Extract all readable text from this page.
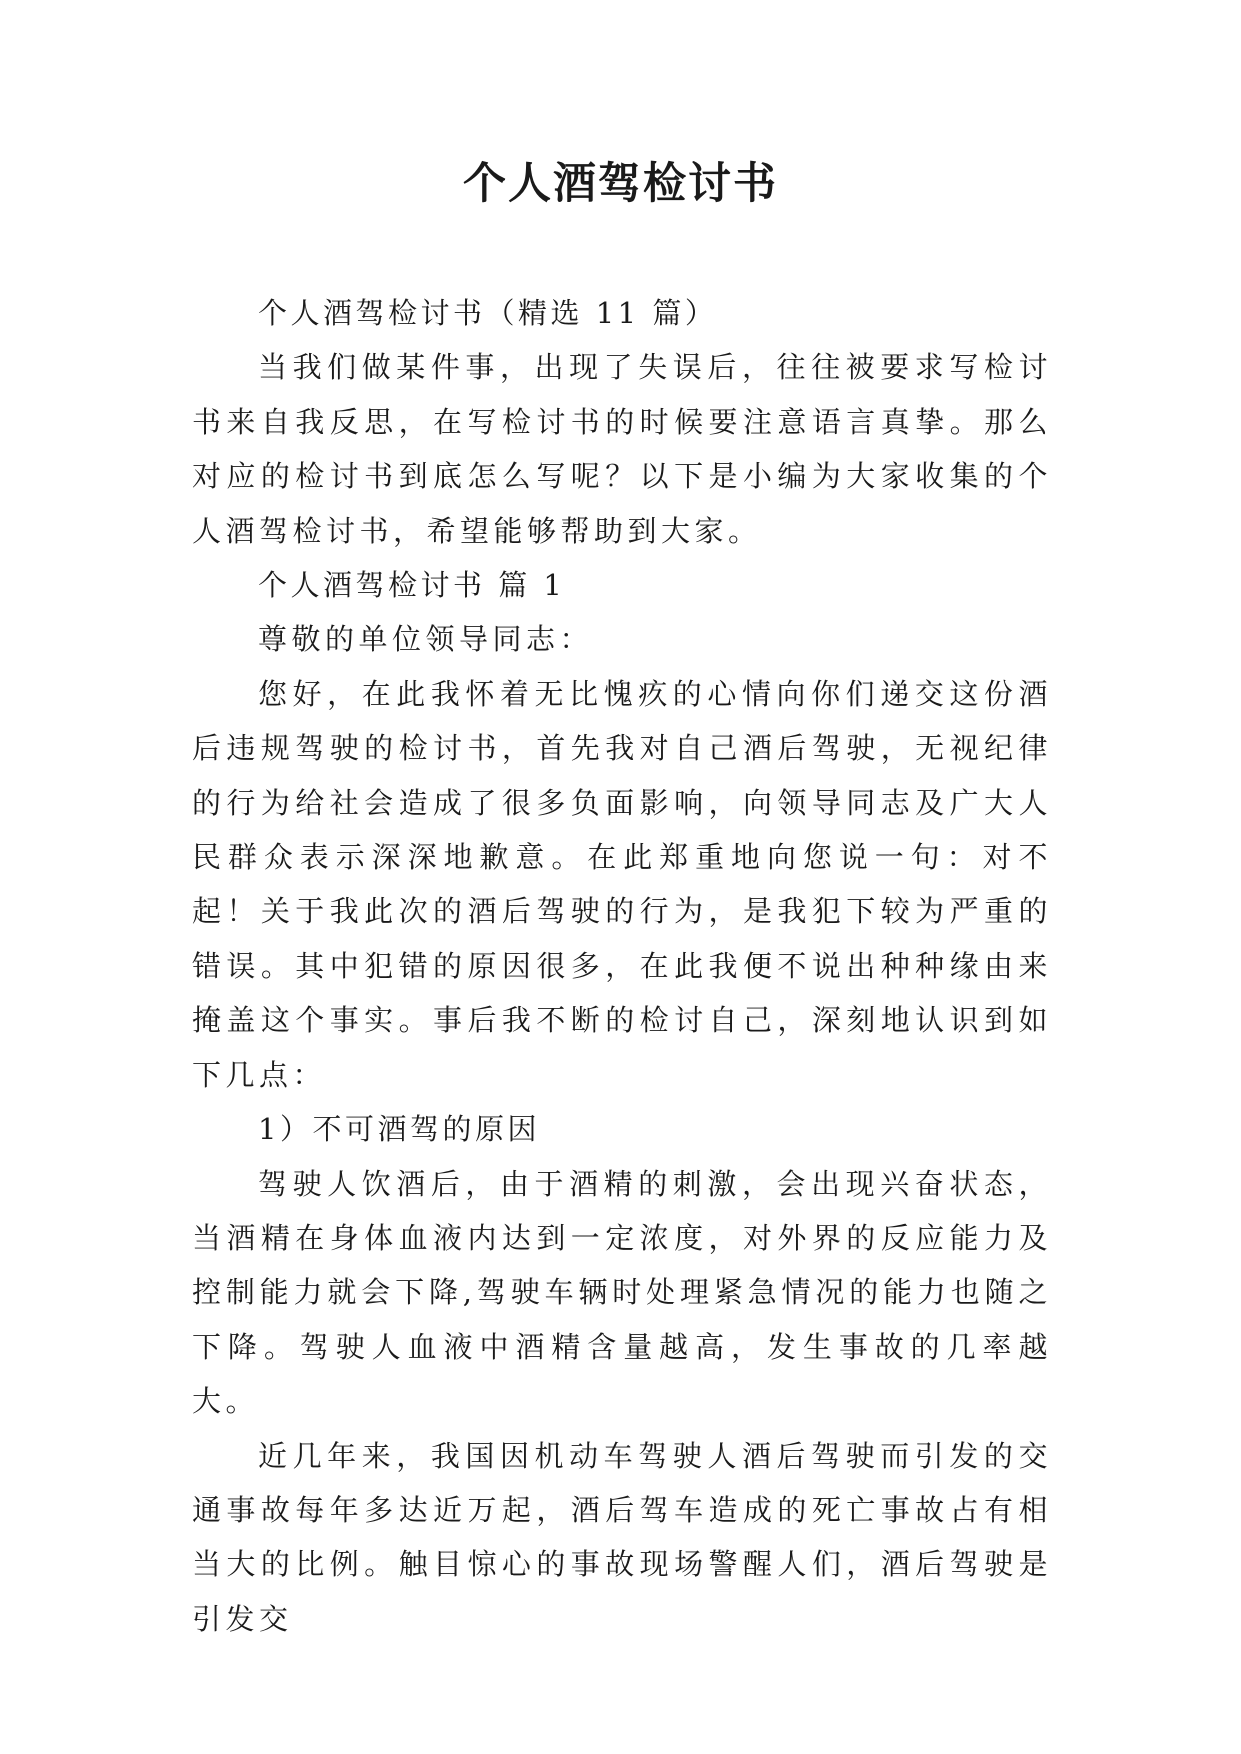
个人酒驾检讨书

个人酒驾检讨书（精选 11 篇）

当我们做某件事，出现了失误后，往往被要求写检讨书来自我反思，在写检讨书的时候要注意语言真挚。那么对应的检讨书到底怎么写呢？以下是小编为大家收集的个人酒驾检讨书，希望能够帮助到大家。

个人酒驾检讨书 篇 1

尊敬的单位领导同志：

您好，在此我怀着无比愧疚的心情向你们递交这份酒后违规驾驶的检讨书，首先我对自己酒后驾驶，无视纪律的行为给社会造成了很多负面影响，向领导同志及广大人民群众表示深深地歉意。在此郑重地向您说一句：对不起！关于我此次的酒后驾驶的行为，是我犯下较为严重的错误。其中犯错的原因很多，在此我便不说出种种缘由来掩盖这个事实。事后我不断的检讨自己，深刻地认识到如下几点：

1）不可酒驾的原因

驾驶人饮酒后，由于酒精的刺激，会出现兴奋状态，当酒精在身体血液内达到一定浓度，对外界的反应能力及控制能力就会下降,驾驶车辆时处理紧急情况的能力也随之下降。驾驶人血液中酒精含量越高，发生事故的几率越大。

近几年来，我国因机动车驾驶人酒后驾驶而引发的交通事故每年多达近万起，酒后驾车造成的死亡事故占有相当大的比例。触目惊心的事故现场警醒人们，酒后驾驶是引发交
